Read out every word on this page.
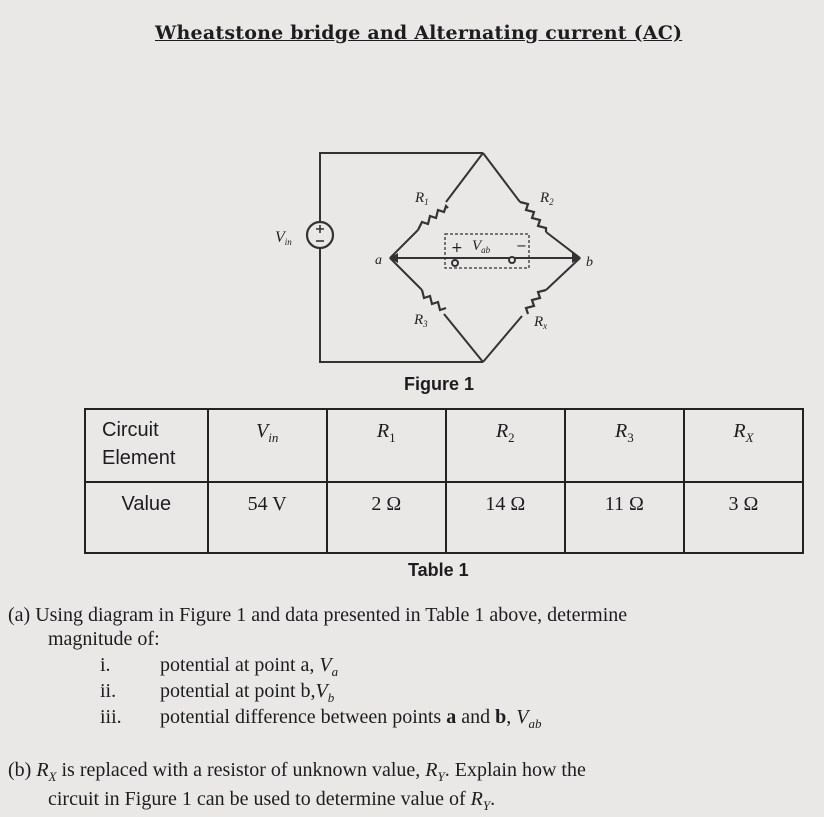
Wheatstone bridge and Alternating current (AC)
Vin
$R_1$	$R_2$
$R_3$	$R_x$
a	b
$V_{ab}$
+	−
Figure 1
Circuit
Element	$V_{in}$	$R_1$	$R_2$	$R_3$	$R_X$
Value	54 V	2 Ω	14 Ω	11 Ω	3 Ω
Table 1
(a) Using diagram in Figure 1 and data presented in Table 1 above, determine
magnitude of:
i.	potential at point a, $V_a$
ii.	potential at point $b,V_b$
iii.	potential difference between points a and b, $V_{ab}$
(b) $R_X$ is replaced with a resistor of unknown value, $R_Y$. Explain how the
circuit in Figure 1 can be used to determine value of $R_Y$.
